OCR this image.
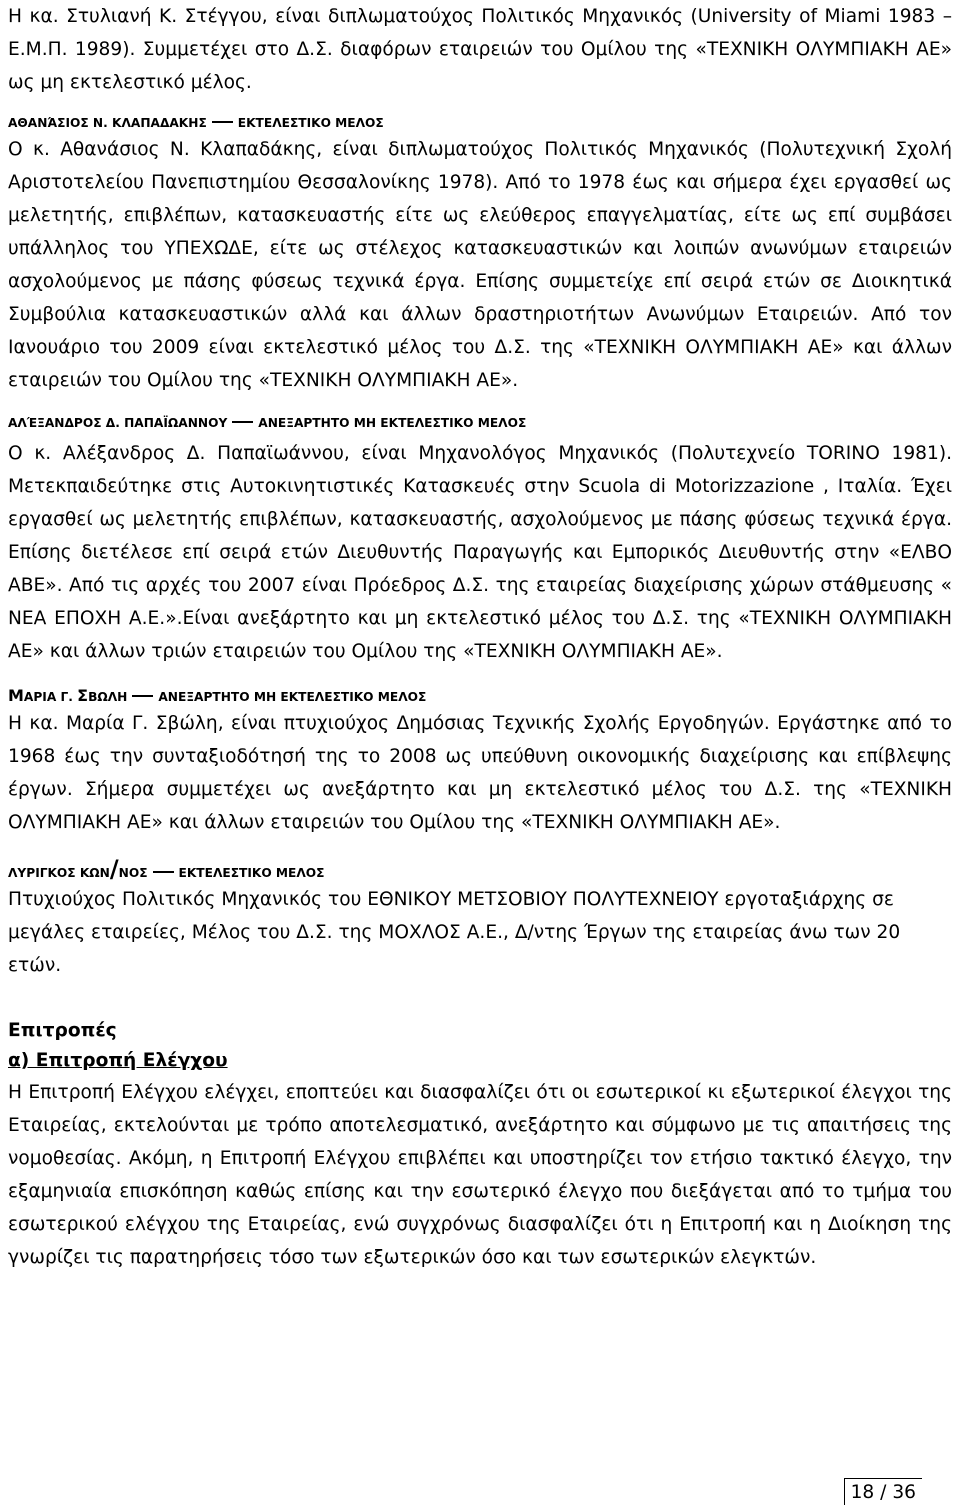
Η κα. Στυλιανή Κ. Στέγγου, είναι διπλωματούχος Πολιτικός Μηχανικός (University of Miami 1983 – Ε.Μ.Π. 1989). Συμμετέχει στο Δ.Σ. διαφόρων εταιρειών του Ομίλου της «ΤΕΧΝΙΚΗ ΟΛΥΜΠΙΑΚΗ ΑΕ» ως μη εκτελεστικό μέλος.

ΑΘΑΝΆΣΙΟΣ Ν. ΚΛΑΠΑΔΑΚΗΣ	ΕΚΤΕΛΕΣΤΙΚΟ ΜΕΛΟΣ

Ο κ. Αθανάσιος Ν. Κλαπαδάκης, είναι διπλωματούχος Πολιτικός Μηχανικός (Πολυτεχνική Σχολή Αριστοτελείου Πανεπιστημίου Θεσσαλονίκης 1978). Από το 1978 έως και σήμερα έχει εργασθεί ως μελετητής, επιβλέπων, κατασκευαστής είτε ως ελεύθερος επαγγελματίας, είτε ως επί συμβάσει υπάλληλος του ΥΠΕΧΩΔΕ, είτε ως στέλεχος κατασκευαστικών και λοιπών ανωνύμων εταιρειών ασχολούμενος με πάσης φύσεως τεχνικά έργα. Επίσης συμμετείχε επί σειρά ετών σε Διοικητικά Συμβούλια κατασκευαστικών αλλά και άλλων δραστηριοτήτων Ανωνύμων Εταιρειών. Από τον Ιανουάριο του 2009 είναι εκτελεστικό μέλος του Δ.Σ. της «ΤΕΧΝΙΚΗ ΟΛΥΜΠΙΑΚΗ ΑΕ» και άλλων εταιρειών του Ομίλου της «ΤΕΧΝΙΚΗ ΟΛΥΜΠΙΑΚΗ ΑΕ».

ΑΛΈΞΑΝΔΡΟΣ Δ. ΠΑΠΑΪΩΑΝΝΟΥ	ΑΝΕΞΑΡΤΗΤΟ ΜΗ ΕΚΤΕΛΕΣΤΙΚΟ ΜΕΛΟΣ

Ο κ. Αλέξανδρος Δ. Παπαϊωάννου, είναι Μηχανολόγος Μηχανικός (Πολυτεχνείο TORINO 1981). Μετεκπαιδεύτηκε στις Αυτοκινητιστικές Κατασκευές στην Scuola di Motorizzazione , Ιταλία. Έχει εργασθεί ως μελετητής επιβλέπων, κατασκευαστής, ασχολούμενος με πάσης φύσεως τεχνικά έργα. Επίσης διετέλεσε επί σειρά ετών Διευθυντής Παραγωγής και Εμπορικός Διευθυντής στην «ΕΛΒΟ ΑΒΕ». Από τις αρχές του 2007 είναι Πρόεδρος Δ.Σ. της εταιρείας διαχείρισης χώρων στάθμευσης « ΝΕΑ ΕΠΟΧΗ Α.Ε.».Είναι ανεξάρτητο και μη εκτελεστικό μέλος του Δ.Σ. της «ΤΕΧΝΙΚΗ ΟΛΥΜΠΙΑΚΗ ΑΕ» και άλλων τριών εταιρειών του Ομίλου της «ΤΕΧΝΙΚΗ ΟΛΥΜΠΙΑΚΗ ΑΕ».

ΜΑΡΙΑ Γ. ΣΒΩΛΗ	ΑΝΕΞΑΡΤΗΤΟ ΜΗ ΕΚΤΕΛΕΣΤΙΚΟ ΜΕΛΟΣ

Η κα. Μαρία Γ. Σβώλη, είναι πτυχιούχος Δημόσιας Τεχνικής Σχολής Εργοδηγών. Εργάστηκε από το 1968 έως την συνταξιοδότησή της το 2008 ως υπεύθυνη οικονομικής διαχείρισης και επίβλεψης έργων. Σήμερα συμμετέχει ως ανεξάρτητο και μη εκτελεστικό μέλος του Δ.Σ. της «ΤΕΧΝΙΚΗ ΟΛΥΜΠΙΑΚΗ ΑΕ» και άλλων εταιρειών του Ομίλου της «ΤΕΧΝΙΚΗ ΟΛΥΜΠΙΑΚΗ ΑΕ».

ΛΥΡΙΓΚΟΣ ΚΩΝ/ΝΟΣ	ΕΚΤΕΛΕΣΤΙΚΟ ΜΕΛΟΣ

Πτυχιούχος Πολιτικός Μηχανικός του ΕΘΝΙΚΟΥ ΜΕΤΣΟΒΙΟΥ ΠΟΛΥΤΕΧΝΕΙΟΥ εργοταξιάρχης σε μεγάλες εταιρείες, Μέλος του Δ.Σ. της ΜΟΧΛΟΣ Α.Ε., Δ/ντης Έργων της εταιρείας άνω των 20 ετών.

Επιτροπές

α) Επιτροπή Ελέγχου

Η Επιτροπή Ελέγχου ελέγχει, εποπτεύει και διασφαλίζει ότι οι εσωτερικοί κι εξωτερικοί έλεγχοι της Εταιρείας, εκτελούνται με τρόπο αποτελεσματικό, ανεξάρτητο και σύμφωνο με τις απαιτήσεις της νομοθεσίας. Ακόμη, η Επιτροπή Ελέγχου επιβλέπει και υποστηρίζει τον ετήσιο τακτικό έλεγχο, την εξαμηνιαία επισκόπηση καθώς επίσης και την εσωτερικό έλεγχο που διεξάγεται από το τμήμα του εσωτερικού ελέγχου της Εταιρείας, ενώ συγχρόνως διασφαλίζει ότι η Επιτροπή και η Διοίκηση της γνωρίζει τις παρατηρήσεις τόσο των εξωτερικών όσο και των εσωτερικών ελεγκτών.

18 / 36
